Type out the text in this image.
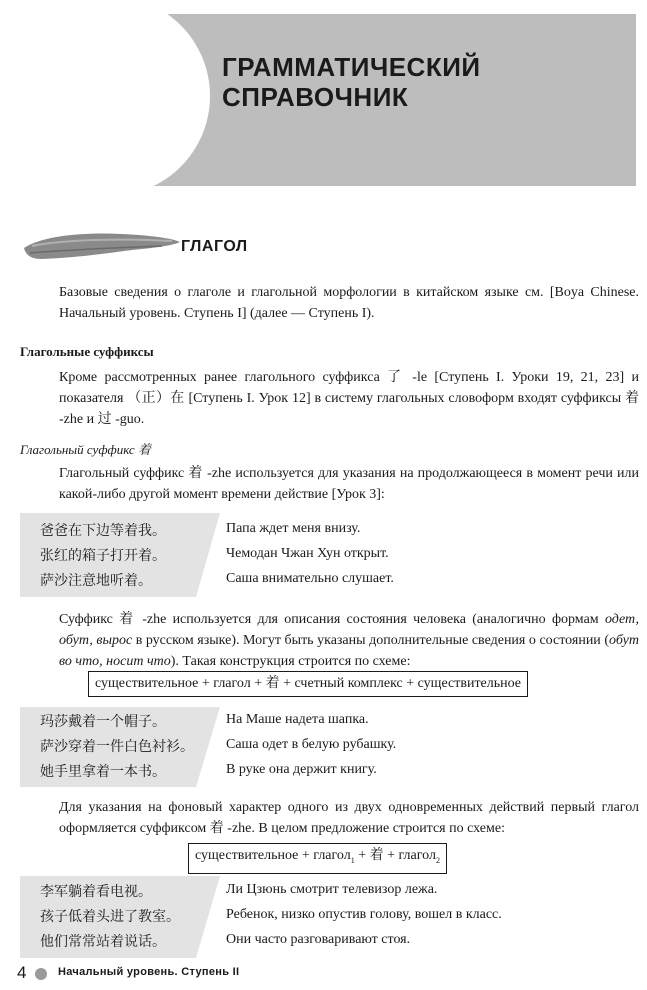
ГРАММАТИЧЕСКИЙ
СПРАВОЧНИК
ГЛАГОЛ
Базовые сведения о глаголе и глагольной морфологии в китайском языке см. [Boya Chinese. Начальный уровень. Ступень I] (далее — Ступень I).
Глагольные суффиксы
Кроме рассмотренных ранее глагольного суффикса 了 -le [Ступень I. Уроки 19, 21, 23] и показателя （正）在 [Ступень I. Урок 12] в систему глагольных словоформ входят суффиксы 着 -zhe и 过 -guo.
Глагольный суффикс 着
Глагольный суффикс 着 -zhe используется для указания на продолжающееся в момент речи или какой-либо другой момент времени действие [Урок 3]:
爸爸在下边等着我。	Папа ждет меня внизу.
张红的箱子打开着。	Чемодан Чжан Хун открыт.
萨沙注意地听着。	Саша внимательно слушает.
Суффикс 着 -zhe используется для описания состояния человека (аналогично формам одет, обут, вырос в русском языке). Могут быть указаны дополнительные сведения о состоянии (обут во что, носит что). Такая конструкция строится по схеме:
существительное + глагол + 着 + счетный комплекс + существительное
玛莎戴着一个帽子。	На Маше надета шапка.
萨沙穿着一件白色衬衫。 Саша одет в белую рубашку.
她手里拿着一本书。	В руке она держит книгу.
Для указания на фоновый характер одного из двух одновременных действий первый глагол оформляется суффиксом 着 -zhe. В целом предложение строится по схеме:
существительное + глагол$_1$ + 着 + глагол$_2$
李军躺着看电视。	Ли Цзюнь смотрит телевизор лежа.
孩子低着头进了教室。	Ребенок, низко опустив голову, вошел в класс.
他们常常站着说话。	Они часто разговаривают стоя.
4	Начальный уровень. Ступень II
